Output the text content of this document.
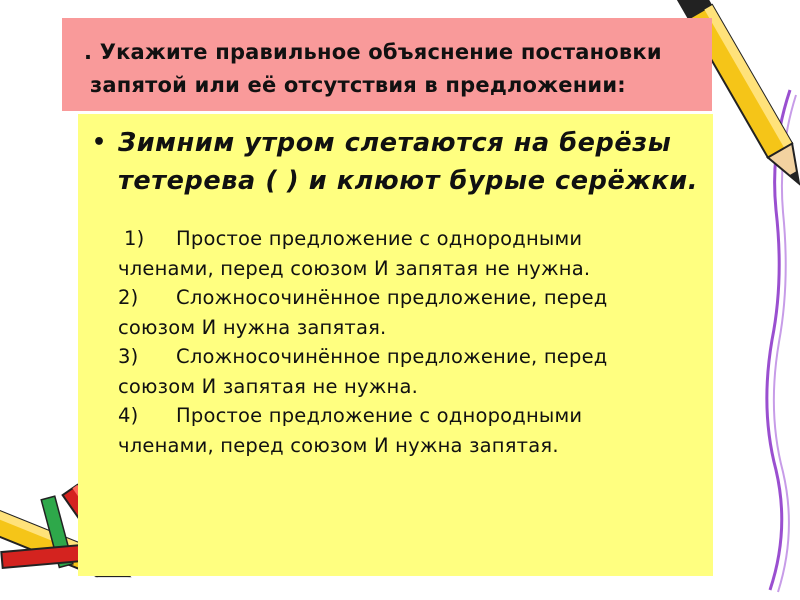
. Укажите правильное объяснение постановки
запятой или её отсутствия в предложении:
• Зимним утром слетаются на берёзы
тетерева ( ) и клюют бурые серёжки.
1) Простое предложение с однородными
членами, перед союзом И запятая не нужна.
2) Сложносочинённое предложение, перед
союзом И нужна запятая.
3) Сложносочинённое предложение, перед
союзом И запятая не нужна.
4) Простое предложение с однородными
членами, перед союзом И нужна запятая.
